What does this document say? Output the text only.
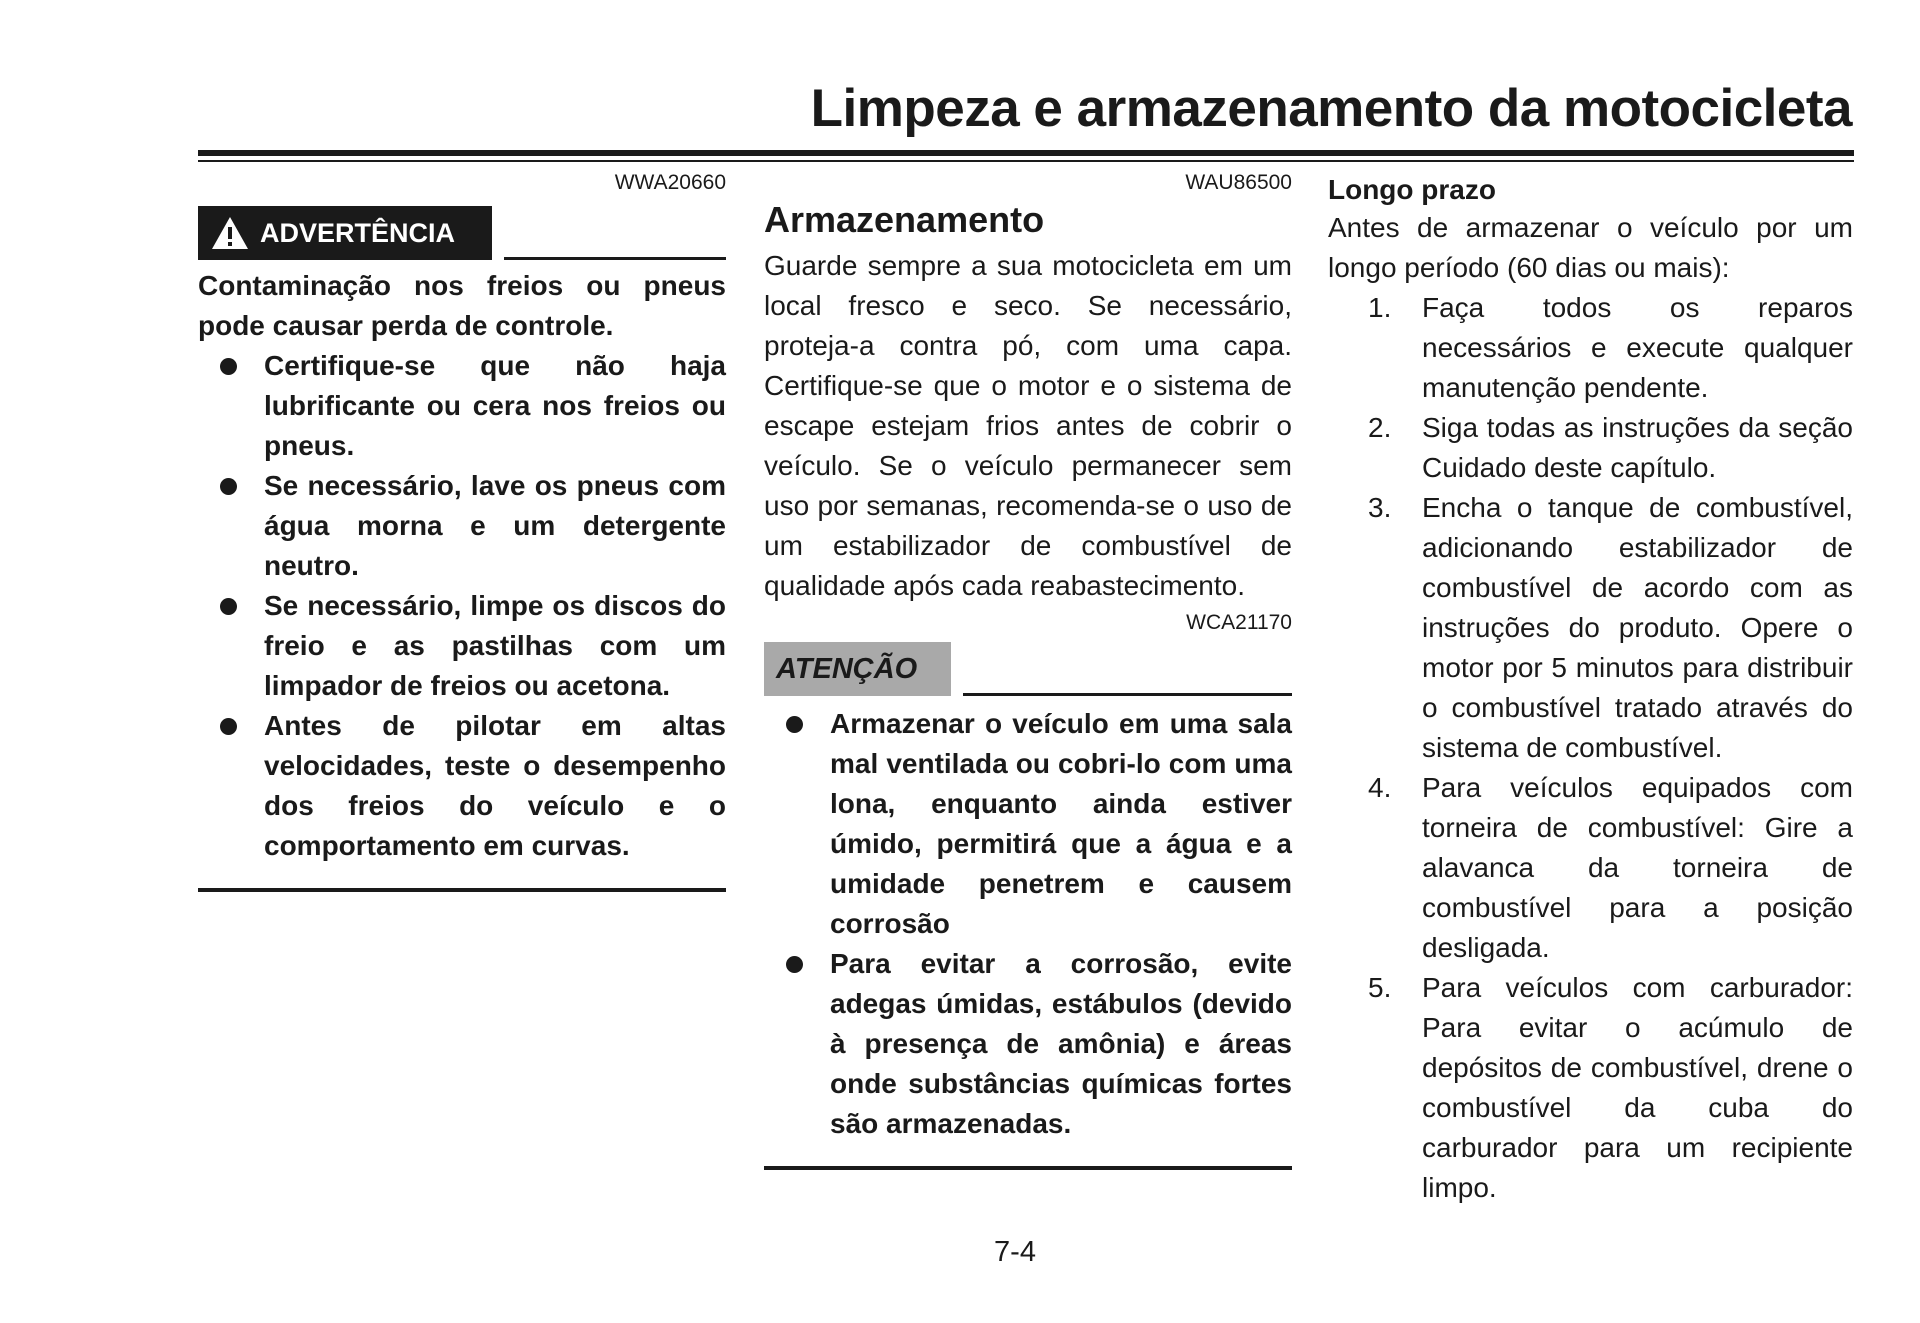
Limpeza e armazenamento da motocicleta
WWA20660
ADVERTÊNCIA
Contaminação nos freios ou pneus pode causar perda de controle.
Certifique-se que não haja lubrificante ou cera nos freios ou pneus.
Se necessário, lave os pneus com água morna e um detergente neutro.
Se necessário, limpe os discos do freio e as pastilhas com um limpador de freios ou acetona.
Antes de pilotar em altas velocidades, teste o desempenho dos freios do veículo e o comportamento em curvas.
WAU86500
Armazenamento
Guarde sempre a sua motocicleta em um local fresco e seco. Se necessário, proteja-a contra pó, com uma capa. Certifique-se que o motor e o sistema de escape estejam frios antes de cobrir o veículo. Se o veículo permanecer sem uso por semanas, recomenda-se o uso de um estabilizador de combustível de qualidade após cada reabastecimento.
WCA21170
ATENÇÃO
Armazenar o veículo em uma sala mal ventilada ou cobri-lo com uma lona, enquanto ainda estiver úmido, permitirá que a água e a umidade penetrem e causem corrosão
Para evitar a corrosão, evite adegas úmidas, estábulos (devido à presença de amônia) e áreas onde substâncias químicas fortes são armazenadas.
Longo prazo
Antes de armazenar o veículo por um longo período (60 dias ou mais):
1. Faça todos os reparos necessários e execute qualquer manutenção pendente.
2. Siga todas as instruções da seção Cuidado deste capítulo.
3. Encha o tanque de combustível, adicionando estabilizador de combustível de acordo com as instruções do produto. Opere o motor por 5 minutos para distribuir o combustível tratado através do sistema de combustível.
4. Para veículos equipados com torneira de combustível: Gire a alavanca da torneira de combustível para a posição desligada.
5. Para veículos com carburador: Para evitar o acúmulo de depósitos de combustível, drene o combustível da cuba do carburador para um recipiente limpo.
7-4
